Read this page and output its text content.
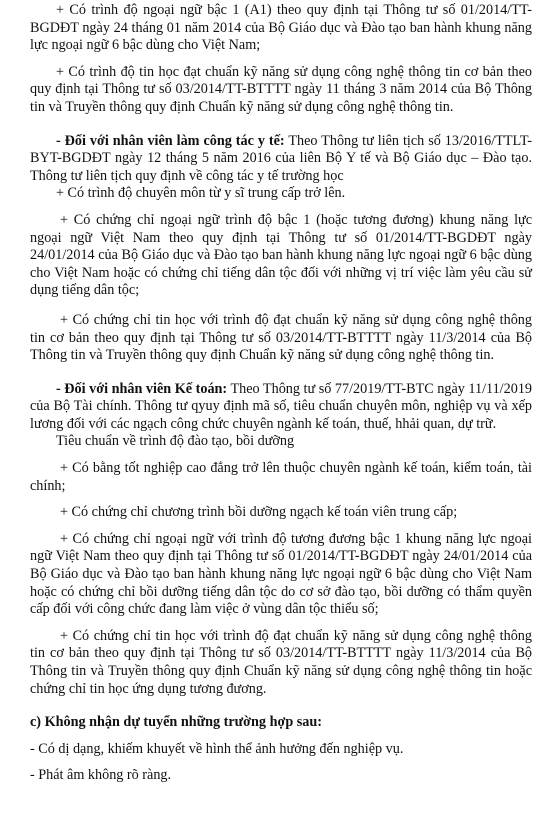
+ Có trình độ ngoại ngữ bậc 1 (A1) theo quy định tại Thông tư số 01/2014/TT-BGDĐT ngày 24 tháng 01 năm 2014 của Bộ Giáo dục và Đào tạo ban hành khung năng lực ngoại ngữ 6 bậc dùng cho Việt Nam;

+ Có trình độ tin học đạt chuẩn kỹ năng sử dụng công nghệ thông tin cơ bản theo quy định tại Thông tư số 03/2014/TT-BTTTT ngày 11 tháng 3 năm 2014 của Bộ Thông tin và Truyền thông quy định Chuẩn kỹ năng sử dụng công nghệ thông tin.

- Đối với nhân viên làm công tác y tế: Theo Thông tư liên tịch số 13/2016/TTLT-BYT-BGDĐT ngày 12 tháng 5 năm 2016 của liên Bộ Y tế và Bộ Giáo dục – Đào tạo. Thông tư liên tịch quy định về công tác y tế trường học

+ Có trình độ chuyên môn từ y sĩ trung cấp trở lên.

+ Có chứng chỉ ngoại ngữ trình độ bậc 1 (hoặc tương đương) khung năng lực ngoại ngữ Việt Nam theo quy định tại Thông tư số 01/2014/TT-BGDĐT ngày 24/01/2014 của Bộ Giáo dục và Đào tạo ban hành khung năng lực ngoại ngữ 6 bậc dùng cho Việt Nam hoặc có chứng chỉ tiếng dân tộc đối với những vị trí việc làm yêu cầu sử dụng tiếng dân tộc;

+ Có chứng chỉ tin học với trình độ đạt chuẩn kỹ năng sử dụng công nghệ thông tin cơ bản theo quy định tại Thông tư số 03/2014/TT-BTTTT ngày 11/3/2014 của Bộ Thông tin và Truyền thông quy định Chuẩn kỹ năng sử dụng công nghệ thông tin.

- Đối với nhân viên Kế toán: Theo Thông tư số 77/2019/TT-BTC ngày 11/11/2019 của Bộ Tài chính. Thông tư qyuy định mã số, tiêu chuẩn chuyên môn, nghiệp vụ và xếp lương đối với các ngạch công chức chuyên ngành kế toán, thuế, hhải quan, dự trữ.

Tiêu chuẩn về trình độ đào tạo, bồi dưỡng

+ Có bằng tốt nghiệp cao đẳng trở lên thuộc chuyên ngành kế toán, kiểm toán, tài chính;

+ Có chứng chỉ chương trình bồi dưỡng ngạch kế toán viên trung cấp;

+ Có chứng chỉ ngoại ngữ với trình độ tương đương bậc 1 khung năng lực ngoại ngữ Việt Nam theo quy định tại Thông tư số 01/2014/TT-BGDĐT ngày 24/01/2014 của Bộ Giáo dục và Đào tạo ban hành khung năng lực ngoại ngữ 6 bậc dùng cho Việt Nam hoặc có chứng chỉ bồi dưỡng tiếng dân tộc do cơ sở đào tạo, bồi dưỡng có thẩm quyền cấp đối với công chức đang làm việc ở vùng dân tộc thiểu số;

+ Có chứng chỉ tin học với trình độ đạt chuẩn kỹ năng sử dụng công nghệ thông tin cơ bản theo quy định tại Thông tư số 03/2014/TT-BTTTT ngày 11/3/2014 của Bộ Thông tin và Truyền thông quy định Chuẩn kỹ năng sử dụng công nghệ thông tin hoặc chứng chỉ tin học ứng dụng tương đương.

c) Không nhận dự tuyển những trường hợp sau:

- Có dị dạng, khiếm khuyết về hình thể ảnh hưởng đến nghiệp vụ.

- Phát âm không rõ ràng.
